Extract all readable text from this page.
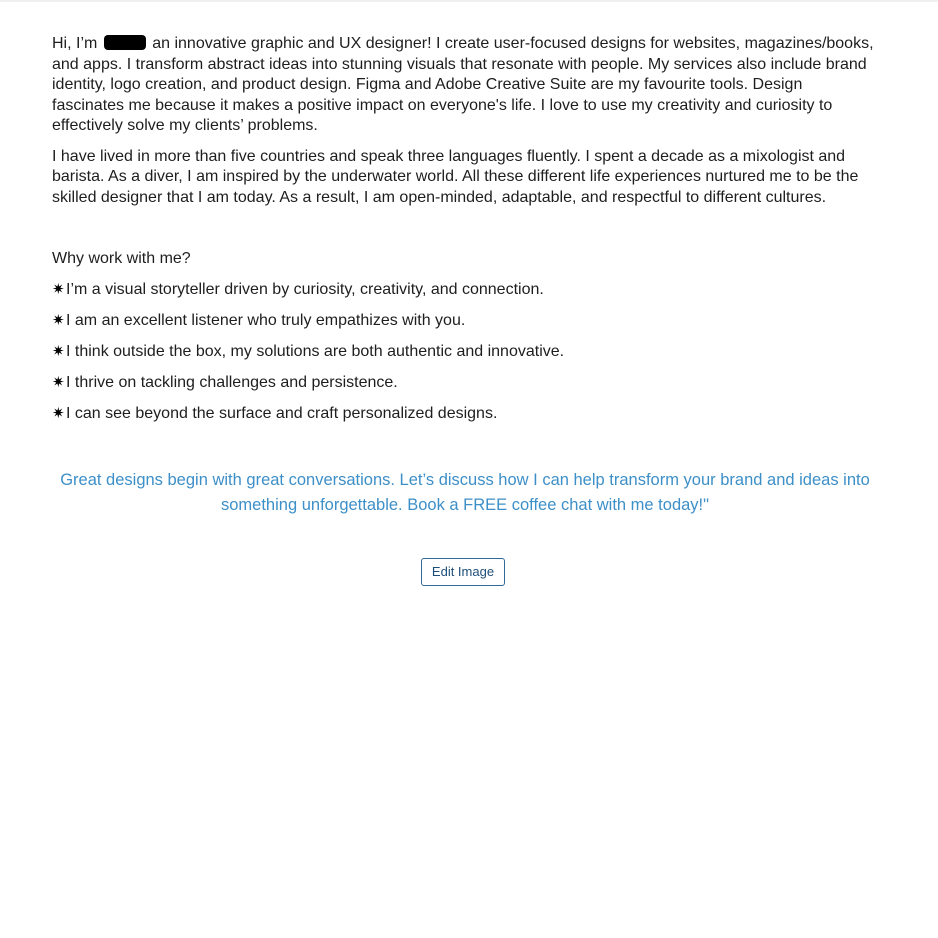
Hi, I’m	an innovative graphic and UX designer! I create user-focused designs for websites, magazines/books, and apps. I transform abstract ideas into stunning visuals that resonate with people. My services also include brand identity, logo creation, and product design. Figma and Adobe Creative Suite are my favourite tools. Design fascinates me because it makes a positive impact on everyone's life. I love to use my creativity and curiosity to effectively solve my clients’ problems.

I have lived in more than five countries and speak three languages fluently. I spent a decade as a mixologist and barista. As a diver, I am inspired by the underwater world. All these different life experiences nurtured me to be the skilled designer that I am today. As a result, I am open-minded, adaptable, and respectful to different cultures.

Why work with me?

✷I’m a visual storyteller driven by curiosity, creativity, and connection.
✷I am an excellent listener who truly empathizes with you.
✷I think outside the box, my solutions are both authentic and innovative.
✷I thrive on tackling challenges and persistence.
✷I can see beyond the surface and craft personalized designs.

Great designs begin with great conversations. Let’s discuss how I can help transform your brand and ideas into something unforgettable. Book a FREE coffee chat with me today!"

Edit Image
